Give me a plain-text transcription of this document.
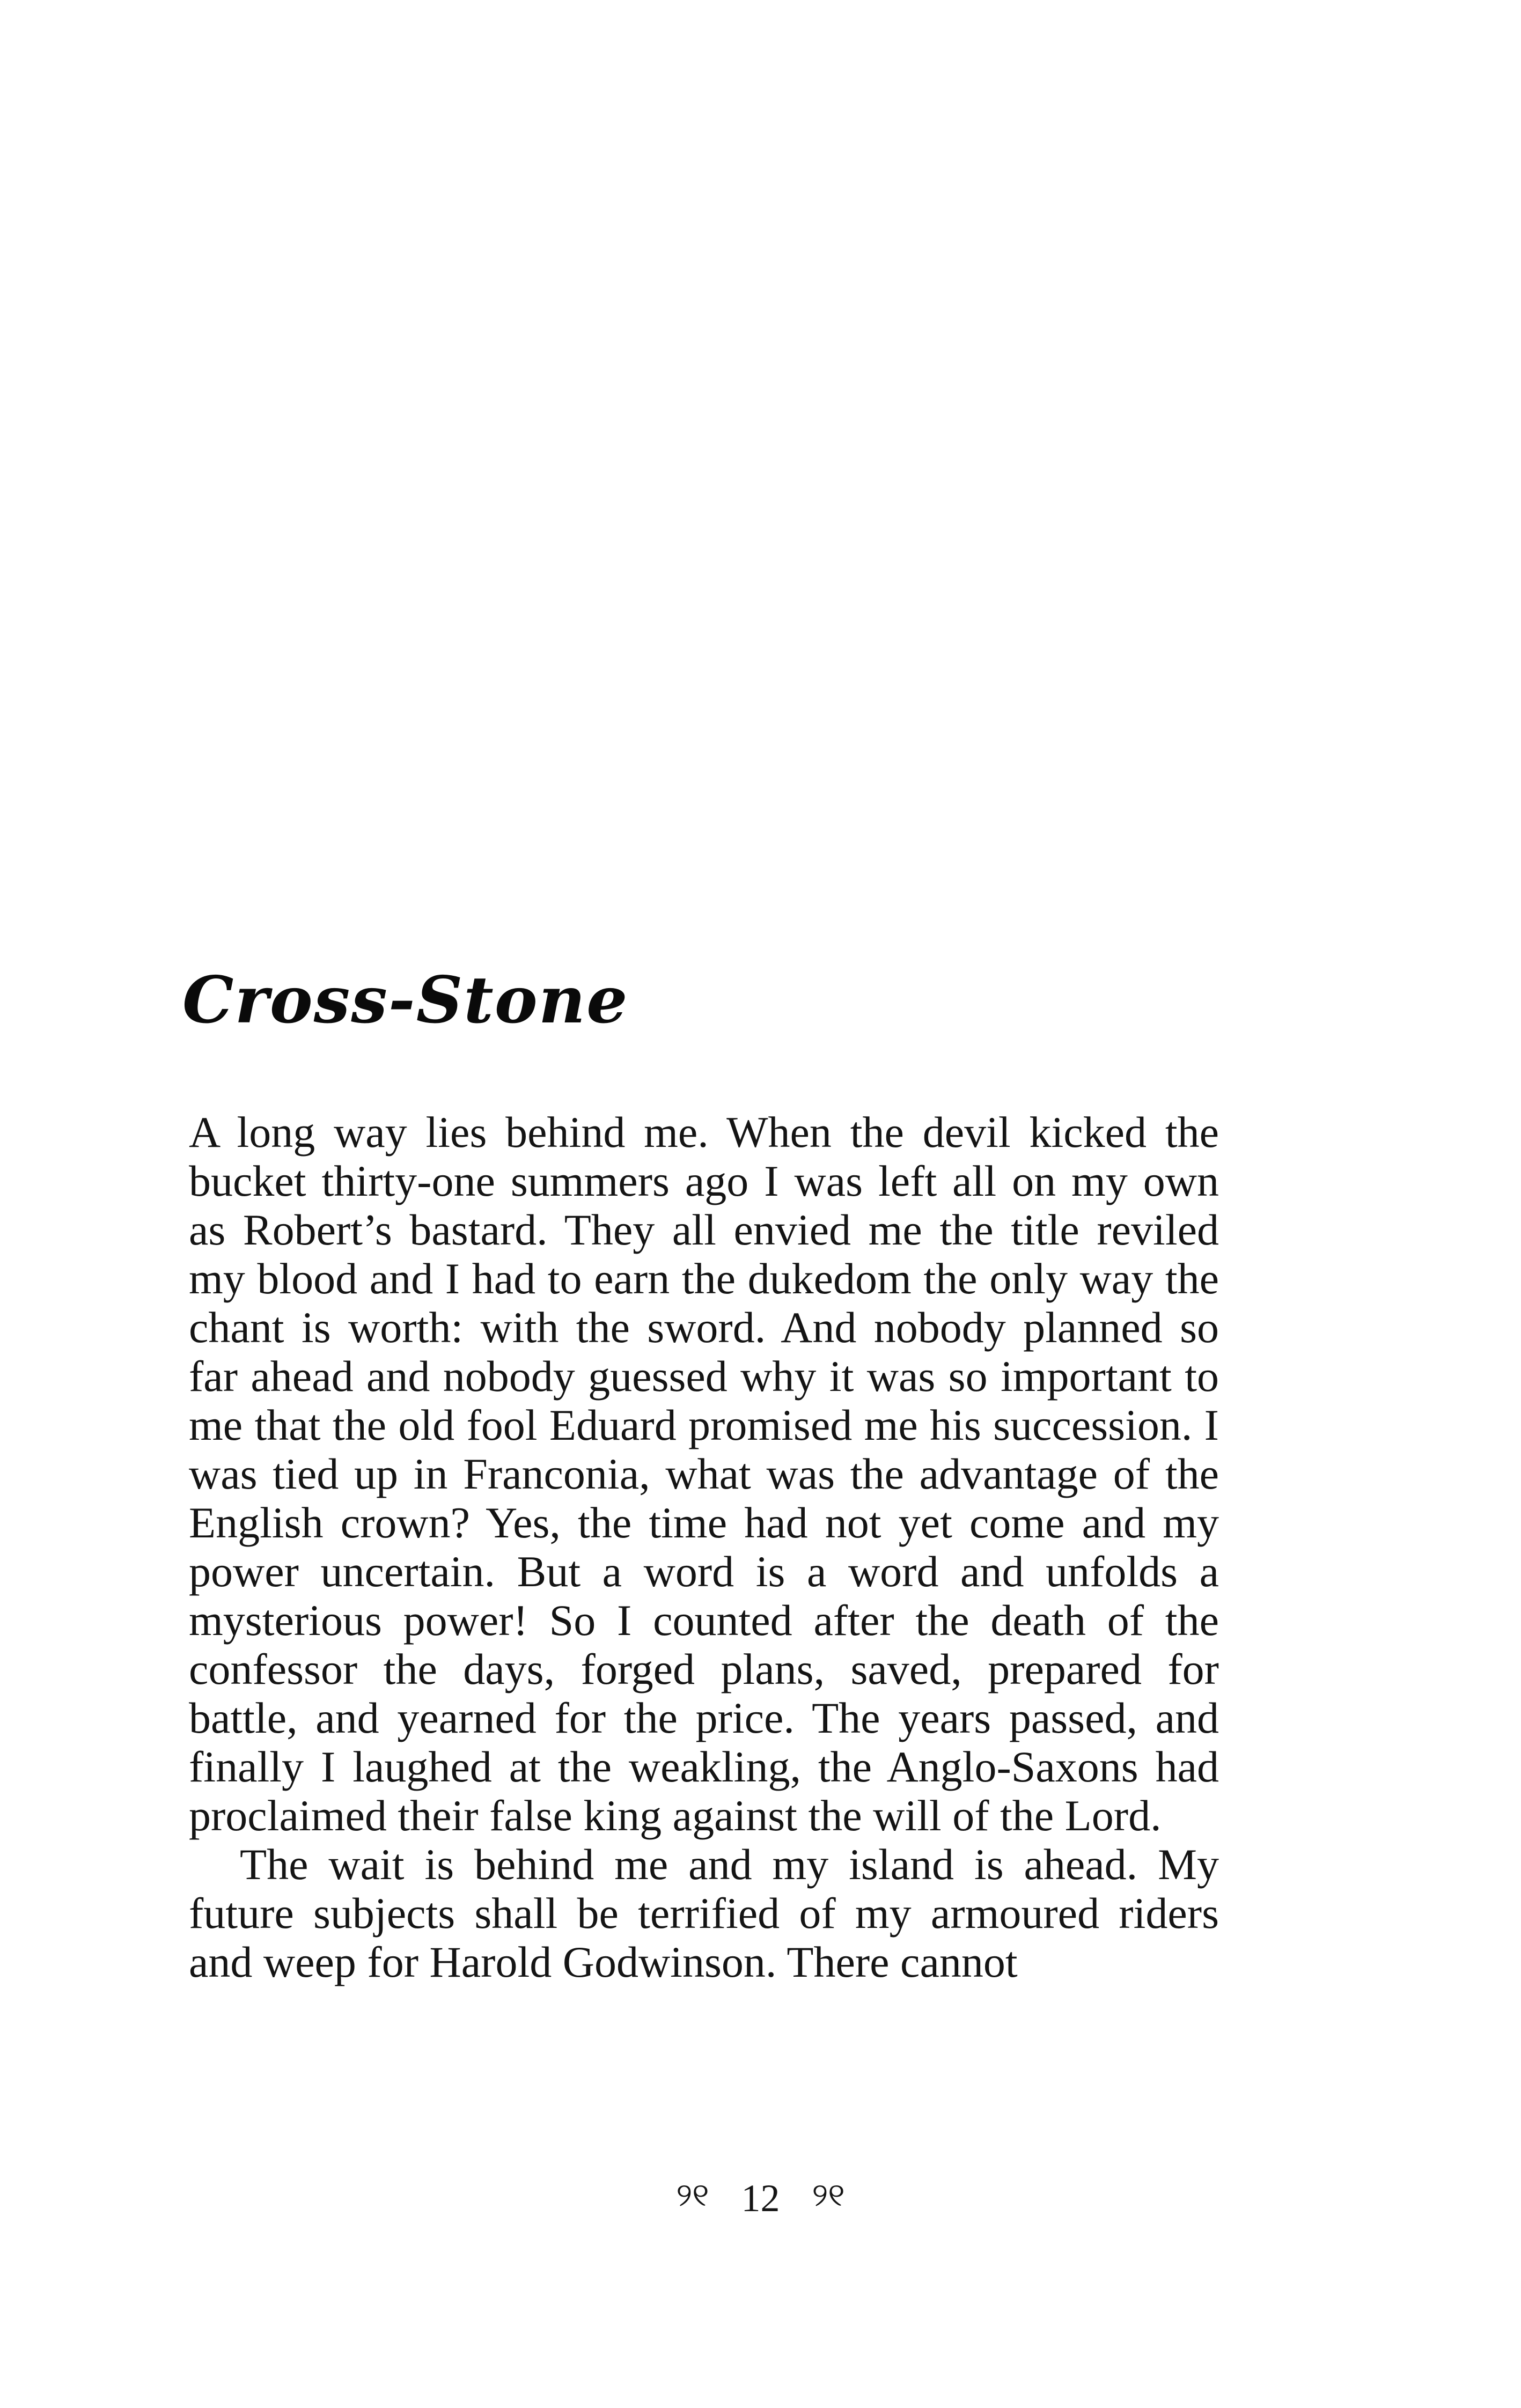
Cross-Stone

A long way lies behind me. When the devil kicked the bucket thirty-one summers ago I was left all on my own as Robert’s bastard. They all envied me the title reviled my blood and I had to earn the dukedom the only way the chant is worth: with the sword. And nobody planned so far ahead and nobody guessed why it was so important to me that the old fool Eduard promised me his succession. I was tied up in Franconia, what was the advantage of the English crown? Yes, the time had not yet come and my power uncertain. But a word is a word and unfolds a mysterious power! So I counted after the death of the confessor the days, forged plans, saved, prepared for battle, and yearned for the price. The years passed, and finally I laughed at the weakling, the Anglo-Saxons had proclaimed their false king against the will of the Lord.

The wait is behind me and my island is ahead. My future subjects shall be terrified of my armoured riders and weep for Harold Godwinson. There cannot

୨୧ 12 ୨୧
